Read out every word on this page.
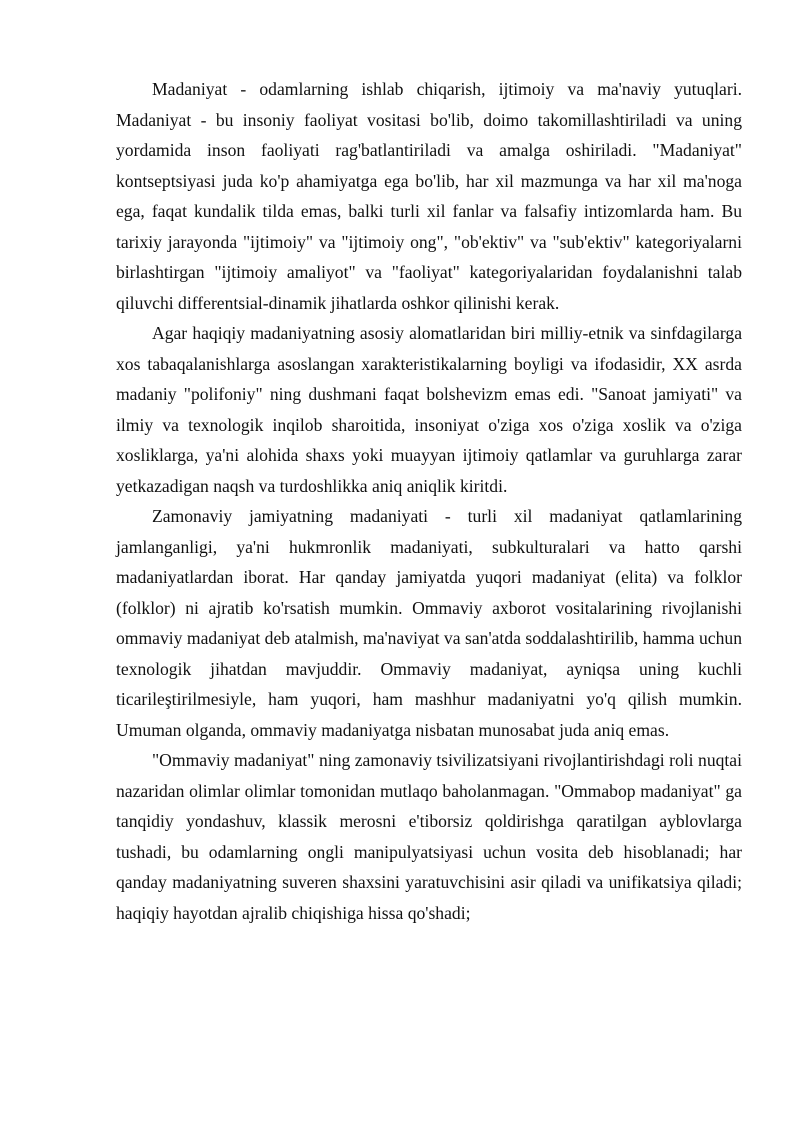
Madaniyat - odamlarning ishlab chiqarish, ijtimoiy va ma'naviy yutuqlari. Madaniyat - bu insoniy faoliyat vositasi bo'lib, doimo takomillashtiriladi va uning yordamida inson faoliyati rag'batlantiriladi va amalga oshiriladi. "Madaniyat" kontseptsiyasi juda ko'p ahamiyatga ega bo'lib, har xil mazmunga va har xil ma'noga ega, faqat kundalik tilda emas, balki turli xil fanlar va falsafiy intizomlarda ham. Bu tarixiy jarayonda "ijtimoiy" va "ijtimoiy ong", "ob'ektiv" va "sub'ektiv" kategoriyalarni birlashtirgan "ijtimoiy amaliyot" va "faoliyat" kategoriyalaridan foydalanishni talab qiluvchi differentsial-dinamik jihatlarda oshkor qilinishi kerak.

Agar haqiqiy madaniyatning asosiy alomatlaridan biri milliy-etnik va sinfdagilarga xos tabaqalanishlarga asoslangan xarakteristikalarning boyligi va ifodasidir, XX asrda madaniy "polifoniy" ning dushmani faqat bolshevizm emas edi. "Sanoat jamiyati" va ilmiy va texnologik inqilob sharoitida, insoniyat o'ziga xos o'ziga xoslik va o'ziga xosliklarga, ya'ni alohida shaxs yoki muayyan ijtimoiy qatlamlar va guruhlarga zarar yetkazadigan naqsh va turdoshlikka aniq aniqlik kiritdi.

Zamonaviy jamiyatning madaniyati - turli xil madaniyat qatlamlarining jamlanganligi, ya'ni hukmronlik madaniyati, subkulturalari va hatto qarshi madaniyatlardan iborat. Har qanday jamiyatda yuqori madaniyat (elita) va folklor (folklor) ni ajratib ko'rsatish mumkin. Ommaviy axborot vositalarining rivojlanishi ommaviy madaniyat deb atalmish, ma'naviyat va san'atda soddalashtirilib, hamma uchun texnologik jihatdan mavjuddir. Ommaviy madaniyat, ayniqsa uning kuchli ticarileştirilmesiyle, ham yuqori, ham mashhur madaniyatni yo'q qilish mumkin. Umuman olganda, ommaviy madaniyatga nisbatan munosabat juda aniq emas.

"Ommaviy madaniyat" ning zamonaviy tsivilizatsiyani rivojlantirishdagi roli nuqtai nazaridan olimlar olimlar tomonidan mutlaqo baholanmagan. "Ommabop madaniyat" ga tanqidiy yondashuv, klassik merosni e'tiborsiz qoldirishga qaratilgan ayblovlarga tushadi, bu odamlarning ongli manipulyatsiyasi uchun vosita deb hisoblanadi; har qanday madaniyatning suveren shaxsini yaratuvchisini asir qiladi va unifikatsiya qiladi; haqiqiy hayotdan ajralib chiqishiga hissa qo'shadi;
